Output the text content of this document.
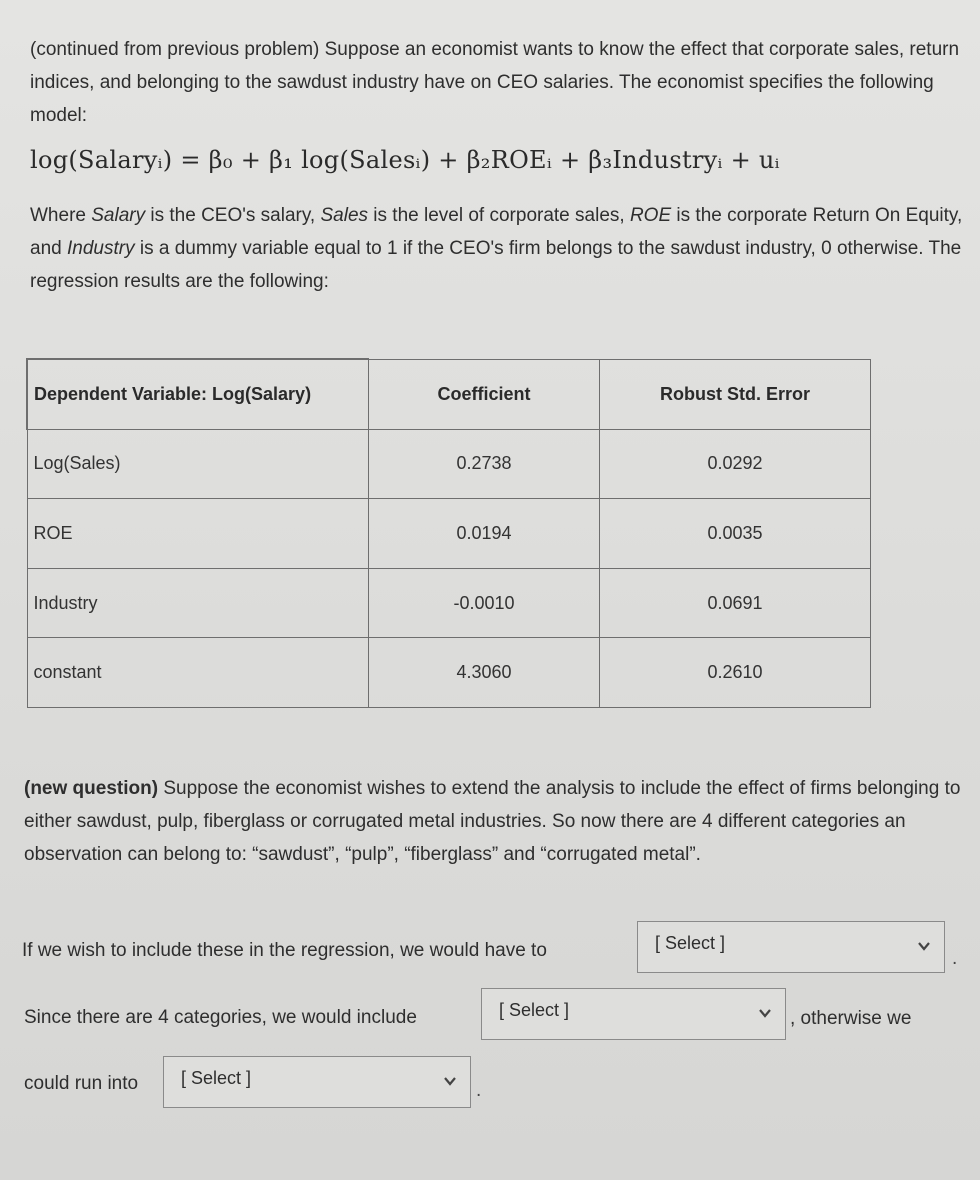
(continued from previous problem) Suppose an economist wants to know the effect that corporate sales, return indices, and belonging to the sawdust industry have on CEO salaries. The economist specifies the following model:
log(Salaryᵢ) = β₀ + β₁ log(Salesᵢ) + β₂ROEᵢ + β₃Industryᵢ + uᵢ
Where Salary is the CEO's salary, Sales is the level of corporate sales, ROE is the corporate Return On Equity, and Industry is a dummy variable equal to 1 if the CEO's firm belongs to the sawdust industry, 0 otherwise. The regression results are the following:
Dependent Variable: Log(Salary)	Coefficient	Robust Std. Error
Log(Sales)	0.2738	0.0292
ROE	0.0194	0.0035
Industry	-0.0010	0.0691
constant	4.3060	0.2610
(new question) Suppose the economist wishes to extend the analysis to include the effect of firms belonging to either sawdust, pulp, fiberglass or corrugated metal industries. So now there are 4 different categories an observation can belong to: “sawdust”, “pulp”, “fiberglass” and “corrugated metal”.
If we wish to include these in the regression, we would have to	[ Select ]
.
Since there are 4 categories, we would include	[ Select ]	, otherwise we
could run into [ Select ]
.
